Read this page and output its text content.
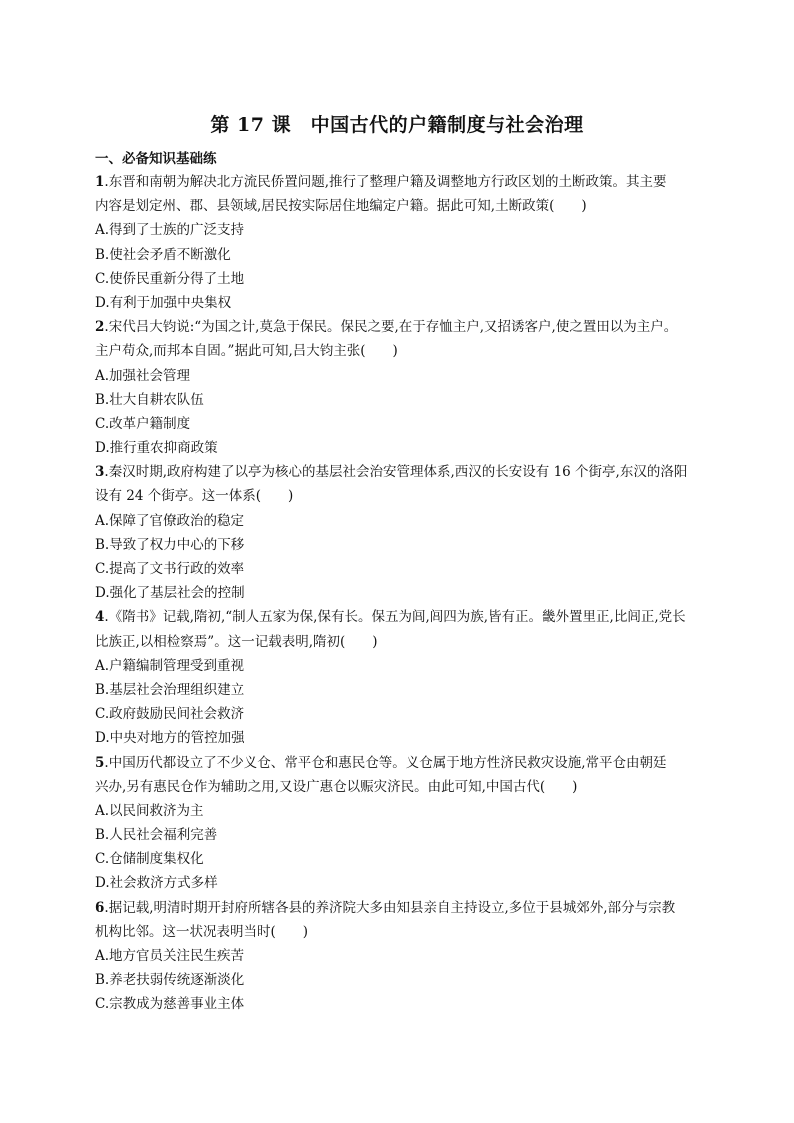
第 17 课　中国古代的户籍制度与社会治理
一、必备知识基础练
1.东晋和南朝为解决北方流民侨置问题,推行了整理户籍及调整地方行政区划的土断政策。其主要
内容是划定州、郡、县领域,居民按实际居住地编定户籍。据此可知,土断政策(　　)
A.得到了士族的广泛支持
B.使社会矛盾不断激化
C.使侨民重新分得了土地
D.有利于加强中央集权
2.宋代吕大钧说:“为国之计,莫急于保民。保民之要,在于存恤主户,又招诱客户,使之置田以为主户。
主户苟众,而邦本自固。”据此可知,吕大钧主张(　　)
A.加强社会管理
B.壮大自耕农队伍
C.改革户籍制度
D.推行重农抑商政策
3.秦汉时期,政府构建了以亭为核心的基层社会治安管理体系,西汉的长安设有 16 个街亭,东汉的洛阳
设有 24 个街亭。这一体系(　　)
A.保障了官僚政治的稳定
B.导致了权力中心的下移
C.提高了文书行政的效率
D.强化了基层社会的控制
4.《隋书》记载,隋初,“制人五家为保,保有长。保五为闾,闾四为族,皆有正。畿外置里正,比闾正,党长
比族正,以相检察焉”。这一记载表明,隋初(　　)
A.户籍编制管理受到重视
B.基层社会治理组织建立
C.政府鼓励民间社会救济
D.中央对地方的管控加强
5.中国历代都设立了不少义仓、常平仓和惠民仓等。义仓属于地方性济民救灾设施,常平仓由朝廷
兴办,另有惠民仓作为辅助之用,又设广惠仓以赈灾济民。由此可知,中国古代(　　)
A.以民间救济为主
B.人民社会福利完善
C.仓储制度集权化
D.社会救济方式多样
6.据记载,明清时期开封府所辖各县的养济院大多由知县亲自主持设立,多位于县城郊外,部分与宗教
机构比邻。这一状况表明当时(　　)
A.地方官员关注民生疾苦
B.养老扶弱传统逐渐淡化
C.宗教成为慈善事业主体
